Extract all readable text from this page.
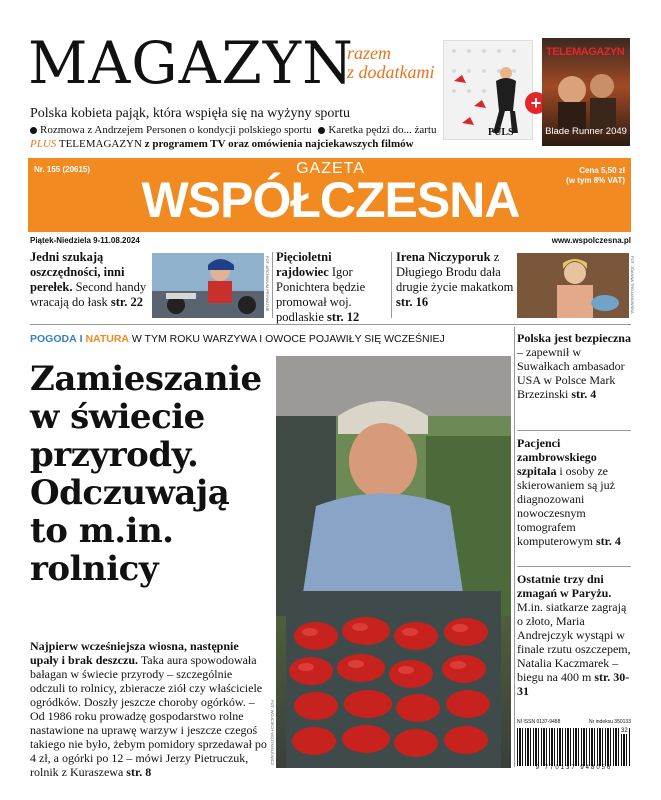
MAGAZYN
razem
z dodatkami
Polska kobieta pająk, która wspięła się na wyżyny sportu
Rozmowa z Andrzejem Personen o kondycji polskiego sportu Karetka pędzi do... żartu
PLUS TELEMAGAZYN z programem TV oraz omówienia najciekawszych filmów
PULS
+
TELEMAGAZYN
Blade Runner 2049
Nr. 155 (20615)	GAZETA
WSPÓŁCZESNA
Cena 5,50 zł
(w tym 8% VAT)
Piątek-Niedziela 9-11.08.2024	www.wspolczesna.pl
Jedni szukają oszczędności, inni perełek. Second handy wracają do łask str. 22	FOT. ARCHIWUM PRYWATNE Pięcioletni rajdowiec Igor Ponichtera będzie promował woj. podlaskie str. 12
Irena Niczyporuk z Długiego Brodu dała drugie życie makatkom str. 16	FOT. JOANNA TROJANOWSKA
POGODA I NATURA W TYM ROKU WARZYWA I OWOCE POJAWIŁY SIĘ WCZEŚNIEJ
Zamieszanie
w świecie
przyrody.
Odczuwają
to m.in.
rolnicy
Najpierw wcześniejsza wiosna, następnie upały i brak deszczu. Taka aura spowodowała bałagan w świecie przyrody – szczególnie odczuli to rolnicy, zbieracze ziół czy właściciele ogródków. Doszły jeszcze choroby ogórków. – Od 1986 roku prowadzę gospodarstwo rolne nastawione na uprawę warzyw i jeszcze czegoś takiego nie było, żebym pomidory sprzedawał po 4 zł, a ogórki po 12 – mówi Jerzy Pietruczuk, rolnik z Kuraszewa str. 8
FOT. WOJCIECH WOJTKIELEWICZ
Polska jest bezpieczna – zapewnił w Suwałkach ambasador USA w Polsce Mark Brzezinski str. 4
Pacjenci zambrowskiego szpitala i osoby ze skierowaniem są już diagnozowani nowoczesnym tomografem komputerowym str. 4
Ostatnie trzy dni zmagań w Paryżu. M.in. siatkarze zagrają o złoto, Maria Andrejczyk wystąpi w finale rzutu oszczepem, Natalia Kaczmarek – biegu na 400 m str. 30-31
NI ISSN 0137-9488	Nr indeksu 350133
32
9 770137 948056
